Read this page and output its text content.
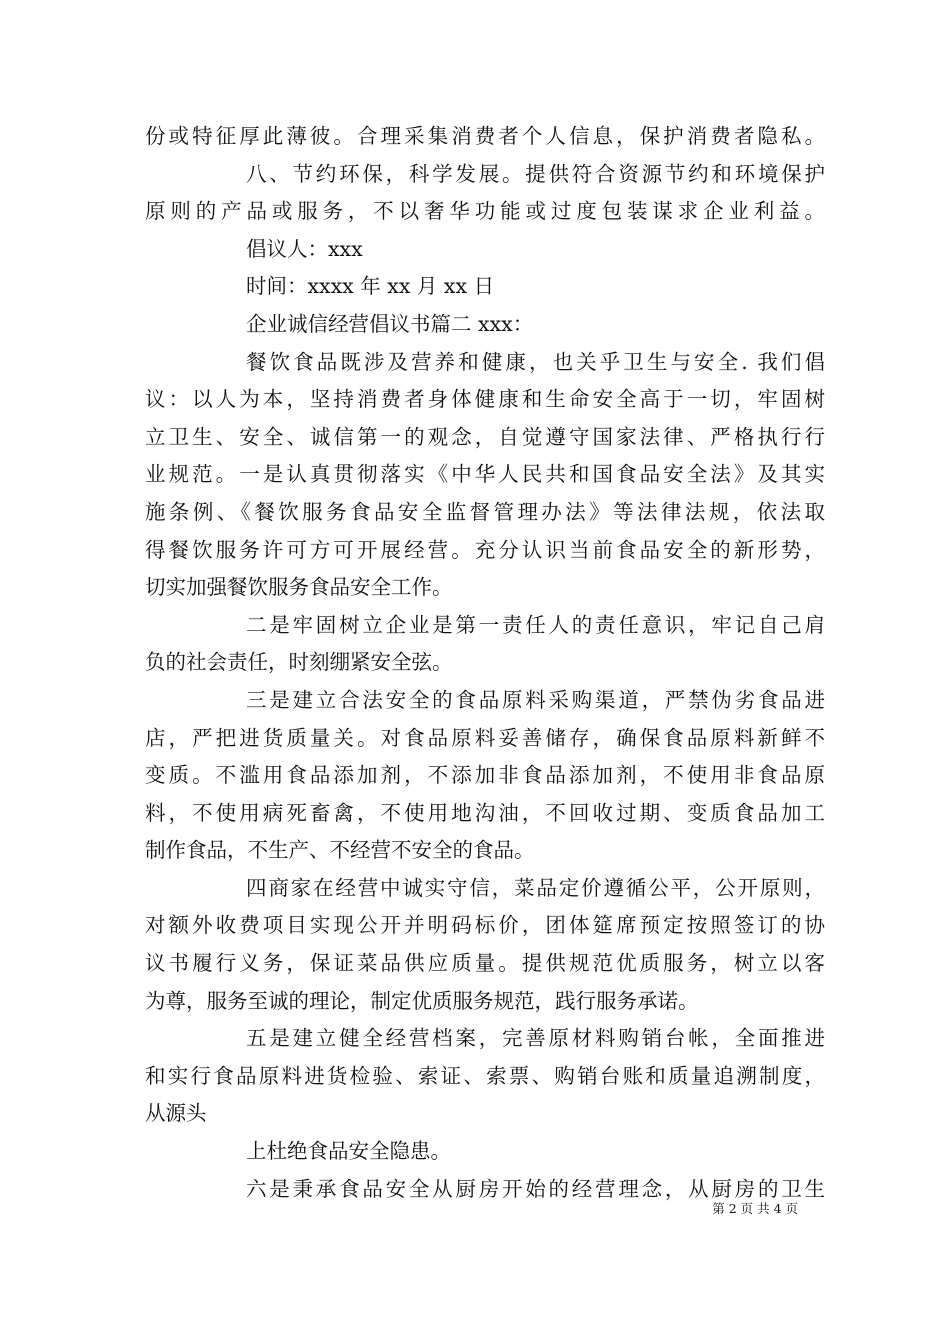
份或特征厚此薄彼。合理采集消费者个人信息，保护消费者隐私。
八、节约环保，科学发展。提供符合资源节约和环境保护
原则的产品或服务，不以奢华功能或过度包装谋求企业利益。
倡议人：xxx
时间：xxxx 年 xx 月 xx 日
企业诚信经营倡议书篇二 xxx：
餐饮食品既涉及营养和健康，也关乎卫生与安全. 我们倡
议：以人为本，坚持消费者身体健康和生命安全高于一切，牢固树
立卫生、安全、诚信第一的观念，自觉遵守国家法律、严格执行行
业规范。一是认真贯彻落实《中华人民共和国食品安全法》及其实
施条例、《餐饮服务食品安全监督管理办法》等法律法规，依法取
得餐饮服务许可方可开展经营。充分认识当前食品安全的新形势，
切实加强餐饮服务食品安全工作。
二是牢固树立企业是第一责任人的责任意识，牢记自己肩
负的社会责任，时刻绷紧安全弦。
三是建立合法安全的食品原料采购渠道，严禁伪劣食品进
店，严把进货质量关。对食品原料妥善储存，确保食品原料新鲜不
变质。不滥用食品添加剂，不添加非食品添加剂，不使用非食品原
料，不使用病死畜禽，不使用地沟油，不回收过期、变质食品加工
制作食品，不生产、不经营不安全的食品。
四商家在经营中诚实守信，菜品定价遵循公平，公开原则，
对额外收费项目实现公开并明码标价，团体筵席预定按照签订的协
议书履行义务，保证菜品供应质量。提供规范优质服务，树立以客
为尊，服务至诚的理论，制定优质服务规范，践行服务承诺。
五是建立健全经营档案，完善原材料购销台帐，全面推进
和实行食品原料进货检验、索证、索票、购销台账和质量追溯制度，
从源头
上杜绝食品安全隐患。
六是秉承食品安全从厨房开始的经营理念，从厨房的卫生
第 2 页 共 4 页
